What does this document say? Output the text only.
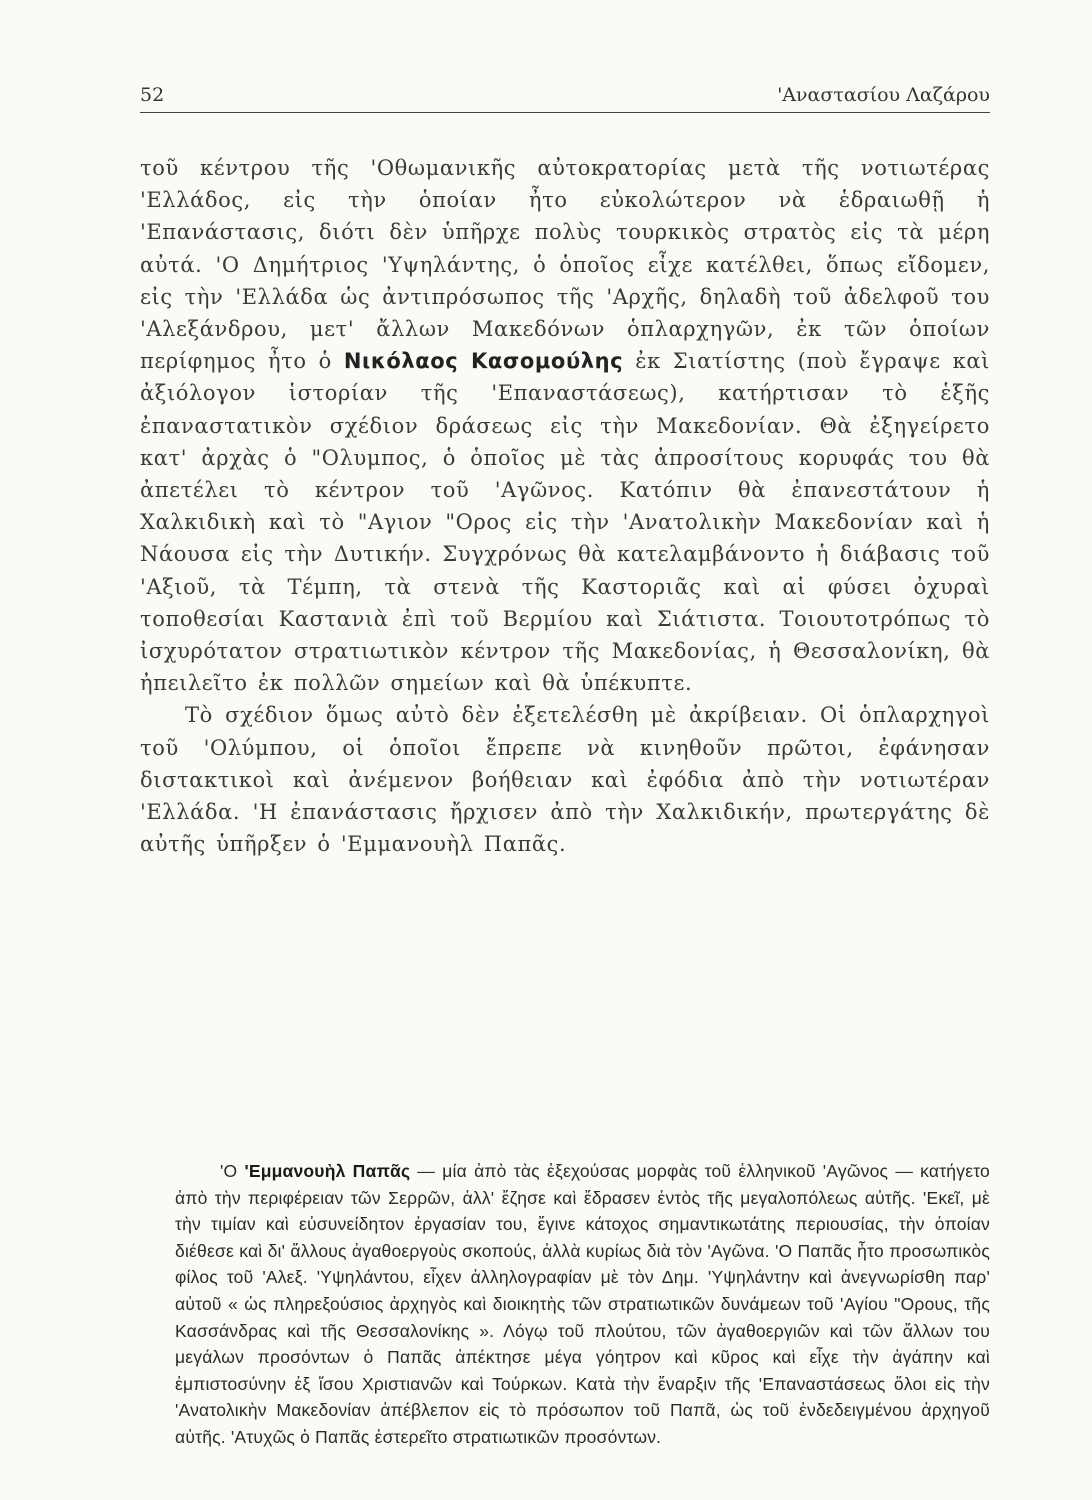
52	'Αναστασίου Λαζάρου

τοῦ κέντρου τῆς 'Οθωμανικῆς αὐτοκρατορίας μετὰ τῆς νοτιωτέρας 'Ελλάδος, εἰς τὴν ὁποίαν ἦτο εὐκολώτερον νὰ ἑδραιωθῇ ἡ 'Επανάστασις, διότι δὲν ὑπῆρχε πολὺς τουρκικὸς στρατὸς εἰς τὰ μέρη αὐτά. 'Ο Δημήτριος 'Υψηλάντης, ὁ ὁποῖος εἶχε κατέλθει, ὅπως εἴδομεν, εἰς τὴν 'Ελλάδα ὡς ἀντιπρόσωπος τῆς 'Αρχῆς, δηλαδὴ τοῦ ἀδελφοῦ του 'Αλεξάνδρου, μετ' ἄλλων Μακεδόνων ὁπλαρχηγῶν, ἐκ τῶν ὁποίων περίφημος ἦτο ὁ Νικόλαος Κασομούλης ἐκ Σιατίστης (ποὺ ἔγραψε καὶ ἀξιόλογον ἱστορίαν τῆς 'Επαναστάσεως), κατήρτισαν τὸ ἑξῆς ἐπαναστατικὸν σχέδιον δράσεως εἰς τὴν Μακεδονίαν. Θὰ ἐξηγείρετο κατ' ἀρχὰς ὁ "Ολυμπος, ὁ ὁποῖος μὲ τὰς ἀπροσίτους κορυφάς του θὰ ἀπετέλει τὸ κέντρον τοῦ 'Αγῶνος. Κατόπιν θὰ ἐπανεστάτουν ἡ Χαλκιδικὴ καὶ τὸ "Αγιον "Ορος εἰς τὴν 'Ανατολικὴν Μακεδονίαν καὶ ἡ Νάουσα εἰς τὴν Δυτικήν. Συγχρόνως θὰ κατελαμβάνοντο ἡ διάβασις τοῦ 'Αξιοῦ, τὰ Τέμπη, τὰ στενὰ τῆς Καστοριᾶς καὶ αἱ φύσει ὀχυραὶ τοποθεσίαι Καστανιὰ ἐπὶ τοῦ Βερμίου καὶ Σιάτιστα. Τοιουτοτρόπως τὸ ἰσχυρότατον στρατιωτικὸν κέντρον τῆς Μακεδονίας, ἡ Θεσσαλονίκη, θὰ ἠπειλεῖτο ἐκ πολλῶν σημείων καὶ θὰ ὑπέκυπτε.

Τὸ σχέδιον ὅμως αὐτὸ δὲν ἐξετελέσθη μὲ ἀκρίβειαν. Οἱ ὁπλαρχηγοὶ τοῦ 'Ολύμπου, οἱ ὁποῖοι ἔπρεπε νὰ κινηθοῦν πρῶτοι, ἐφάνησαν διστακτικοὶ καὶ ἀνέμενον βοήθειαν καὶ ἐφόδια ἀπὸ τὴν νοτιωτέραν 'Ελλάδα. 'Η ἐπανάστασις ἤρχισεν ἀπὸ τὴν Χαλκιδικήν, πρωτεργάτης δὲ αὐτῆς ὑπῆρξεν ὁ 'Εμμανουὴλ Παπᾶς.

'Ο 'Εμμανουὴλ Παπᾶς — μία ἀπὸ τὰς ἐξεχούσας μορφὰς τοῦ ἑλληνικοῦ 'Αγῶνος — κατήγετο ἀπὸ τὴν περιφέρειαν τῶν Σερρῶν, ἀλλ' ἔζησε καὶ ἔδρασεν ἐντὸς τῆς μεγαλοπόλεως αὐτῆς. 'Εκεῖ, μὲ τὴν τιμίαν καὶ εὐσυνείδητον ἐργασίαν του, ἔγινε κάτοχος σημαντικωτάτης περιουσίας, τὴν ὁποίαν διέθεσε καὶ δι' ἄλλους ἀγαθοεργοὺς σκοπούς, ἀλλὰ κυρίως διὰ τὸν 'Αγῶνα. 'Ο Παπᾶς ἦτο προσωπικὸς φίλος τοῦ 'Αλεξ. 'Υψηλάντου, εἶχεν ἀλληλογραφίαν μὲ τὸν Δημ. 'Υψηλάντην καὶ ἀνεγνωρίσθη παρ' αὐτοῦ « ὡς πληρεξούσιος ἀρχηγὸς καὶ διοικητὴς τῶν στρατιωτικῶν δυνάμεων τοῦ 'Αγίου "Ορους, τῆς Κασσάνδρας καὶ τῆς Θεσσαλονίκης ». Λόγῳ τοῦ πλούτου, τῶν ἀγαθοεργιῶν καὶ τῶν ἄλλων του μεγάλων προσόντων ὁ Παπᾶς ἀπέκτησε μέγα γόητρον καὶ κῦρος καὶ εἶχε τὴν ἀγάπην καὶ ἐμπιστοσύνην ἐξ ἴσου Χριστιανῶν καὶ Τούρκων. Κατὰ τὴν ἔναρξιν τῆς 'Επαναστάσεως ὅλοι εἰς τὴν 'Ανατολικὴν Μακεδονίαν ἀπέβλεπον εἰς τὸ πρόσωπον τοῦ Παπᾶ, ὡς τοῦ ἐνδεδειγμένου ἀρχηγοῦ αὐτῆς. 'Ατυχῶς ὁ Παπᾶς ἐστερεῖτο στρατιωτικῶν προσόντων.
